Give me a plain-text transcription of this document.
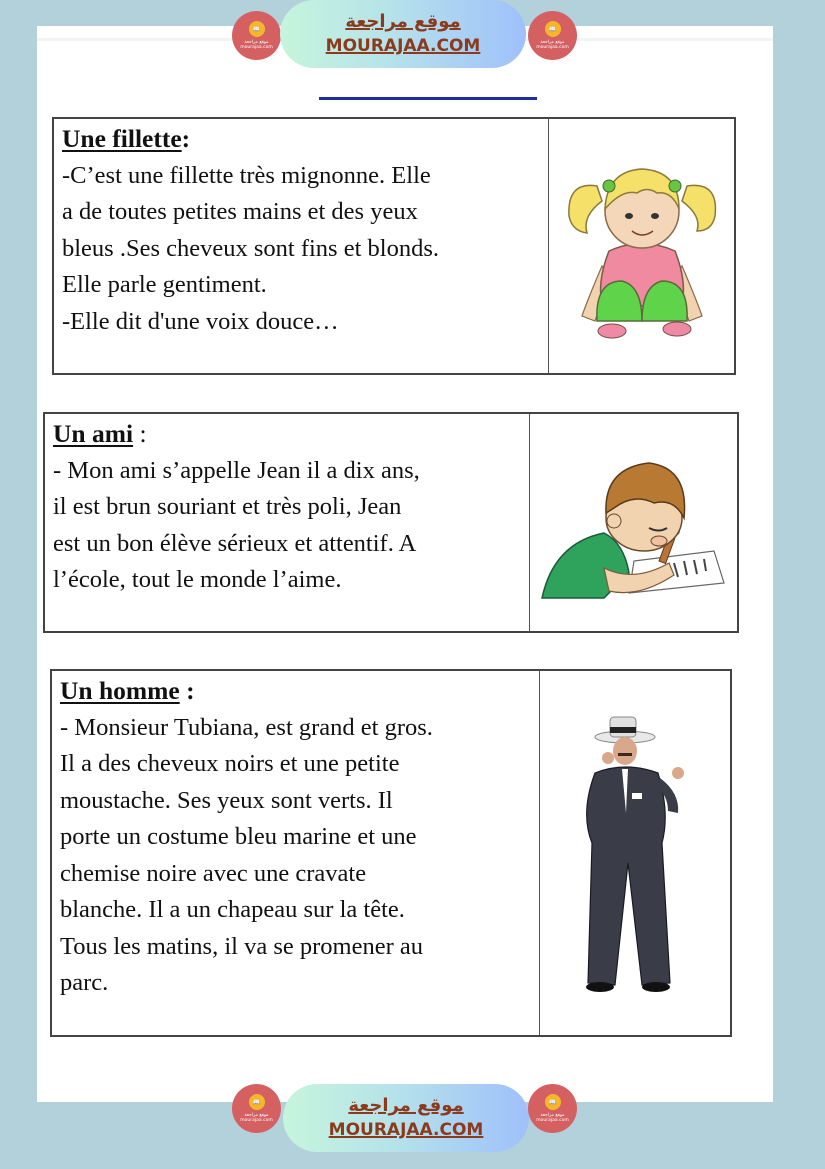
Une fillette:
-C’est une fillette très mignonne. Elle
a de toutes petites mains et des yeux
bleus .Ses cheveux sont fins et blonds.
Elle parle gentiment.
-Elle dit d'une voix douce…
Un ami :
- Mon ami s’appelle Jean il a dix ans,
il est brun souriant et très poli, Jean
est un bon élève sérieux et attentif. A
l’école, tout le monde l’aime.
Un homme :
- Monsieur Tubiana, est grand et gros.
Il a des cheveux noirs et une petite
moustache. Ses yeux sont verts. Il
porte un costume bleu marine et une
chemise noire avec une cravate
blanche. Il a un chapeau sur la tête.
Tous les matins, il va se promener au
parc.
📖
موقع مراجعة
mourajaa.com
موقع مراجعة
MOURAJAA.COM
📖
موقع مراجعة
mourajaa.com
📖
موقع مراجعة
mourajaa.com
موقع مراجعة
MOURAJAA.COM
📖
موقع مراجعة
mourajaa.com
